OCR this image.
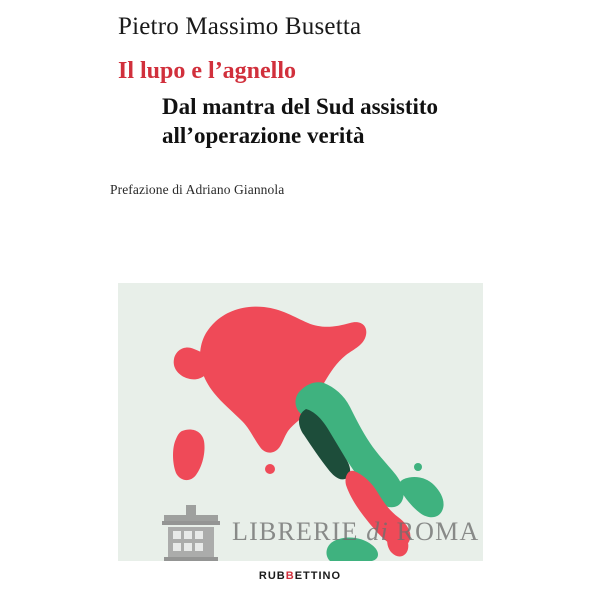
Pietro Massimo Busetta
Il lupo e l’agnello
Dal mantra del Sud assistito
all’operazione verità
Prefazione di Adriano Giannola
LIBRERIE di ROMA
RUBBETTINO
